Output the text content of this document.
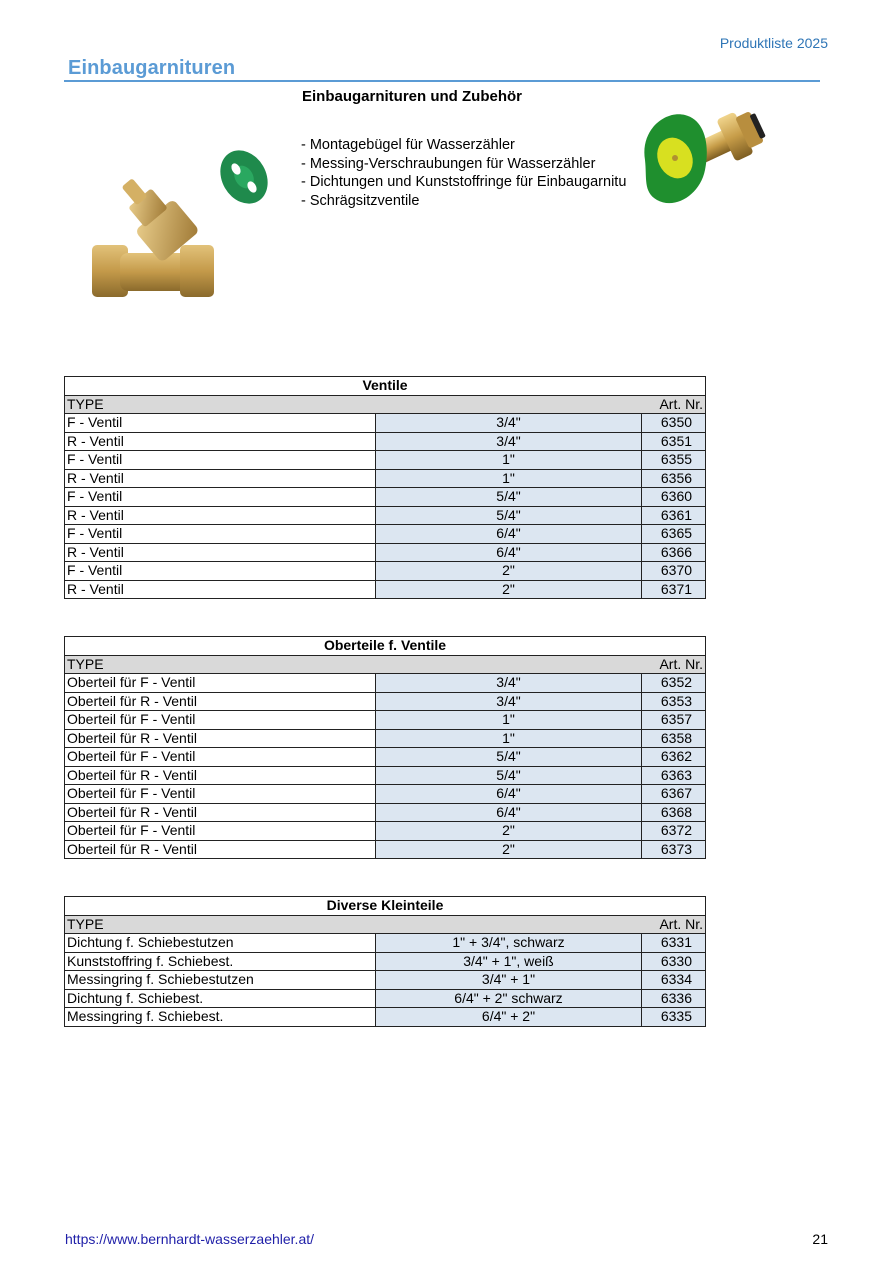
Produktliste 2025
Einbaugarnituren
Einbaugarnituren und Zubehör
- Montagebügel für Wasserzähler
- Messing-Verschraubungen für Wasserzähler
- Dichtungen und Kunststoffringe für Einbaugarnitu
- Schrägsitzventile
Ventile		
TYPE		Art. Nr.
F - Ventil	3/4"	6350
R - Ventil	3/4"	6351
F - Ventil	1"	6355
R - Ventil	1"	6356
F - Ventil	5/4"	6360
R - Ventil	5/4"	6361
F - Ventil	6/4"	6365
R - Ventil	6/4"	6366
F - Ventil	2"	6370
R - Ventil	2"	6371
Oberteile f. Ventile		
TYPE		Art. Nr.
Oberteil für F - Ventil	3/4"	6352
Oberteil für R - Ventil	3/4"	6353
Oberteil für F - Ventil	1"	6357
Oberteil für R - Ventil	1"	6358
Oberteil für F - Ventil	5/4"	6362
Oberteil für R - Ventil	5/4"	6363
Oberteil für F - Ventil	6/4"	6367
Oberteil für R - Ventil	6/4"	6368
Oberteil für F - Ventil	2"	6372
Oberteil für R - Ventil	2"	6373
Diverse Kleinteile		
TYPE		Art. Nr.
Dichtung f. Schiebestutzen	1" + 3/4", schwarz	6331
Kunststoffring f. Schiebest.	3/4" + 1", weiß	6330
Messingring f. Schiebestutzen	3/4" + 1"	6334
Dichtung f. Schiebest.	6/4" + 2" schwarz	6336
Messingring f. Schiebest.	6/4" + 2"	6335
https://www.bernhardt-wasserzaehler.at/	21
